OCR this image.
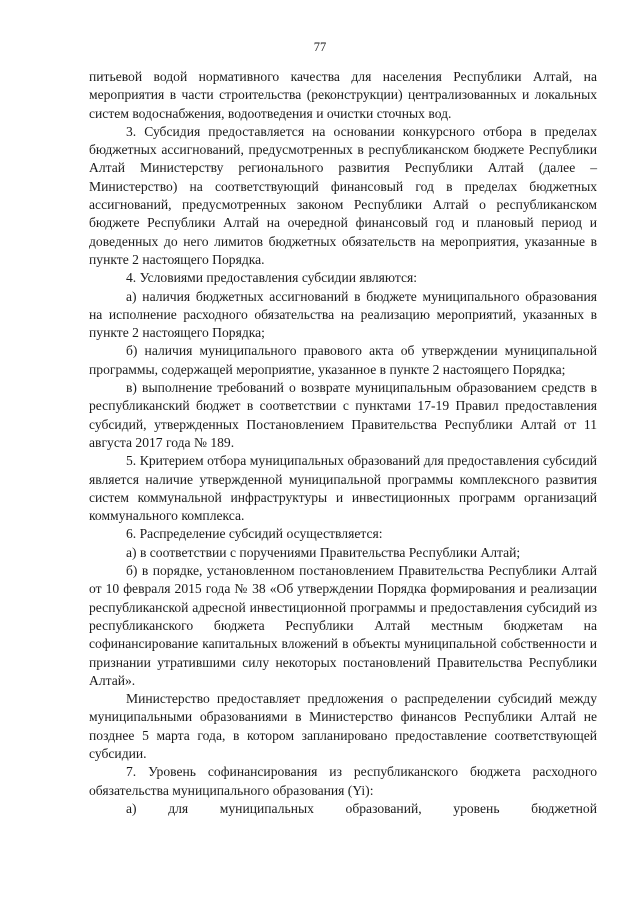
77

питьевой водой нормативного качества для населения Республики Алтай, на мероприятия в части строительства (реконструкции) централизованных и локальных систем водоснабжения, водоотведения и очистки сточных вод.

3. Субсидия предоставляется на основании конкурсного отбора в пределах бюджетных ассигнований, предусмотренных в республиканском бюджете Республики Алтай Министерству регионального развития Республики Алтай (далее – Министерство) на соответствующий финансовый год в пределах бюджетных ассигнований, предусмотренных законом Республики Алтай о республиканском бюджете Республики Алтай на очередной финансовый год и плановый период и доведенных до него лимитов бюджетных обязательств на мероприятия, указанные в пункте 2 настоящего Порядка.

4. Условиями предоставления субсидии являются:

а) наличия бюджетных ассигнований в бюджете муниципального образования на исполнение расходного обязательства на реализацию мероприятий, указанных в пункте 2 настоящего Порядка;

б) наличия муниципального правового акта об утверждении муниципальной программы, содержащей мероприятие, указанное в пункте 2 настоящего Порядка;

в) выполнение требований о возврате муниципальным образованием средств в республиканский бюджет в соответствии с пунктами 17-19 Правил предоставления субсидий, утвержденных Постановлением Правительства Республики Алтай от 11 августа 2017 года № 189.

5. Критерием отбора муниципальных образований для предоставления субсидий является наличие утвержденной муниципальной программы комплексного развития систем коммунальной инфраструктуры и инвестиционных программ организаций коммунального комплекса.

6. Распределение субсидий осуществляется:

а) в соответствии с поручениями Правительства Республики Алтай;

б) в порядке, установленном постановлением Правительства Республики Алтай от 10 февраля 2015 года № 38 «Об утверждении Порядка формирования и реализации республиканской адресной инвестиционной программы и предоставления субсидий из республиканского бюджета Республики Алтай местным бюджетам на софинансирование капитальных вложений в объекты муниципальной собственности и признании утратившими силу некоторых постановлений Правительства Республики Алтай».

Министерство предоставляет предложения о распределении субсидий между муниципальными образованиями в Министерство финансов Республики Алтай не позднее 5 марта года, в котором запланировано предоставление соответствующей субсидии.

7. Уровень софинансирования из республиканского бюджета расходного обязательства муниципального образования (Yi):

а) для муниципальных образований, уровень бюджетной
